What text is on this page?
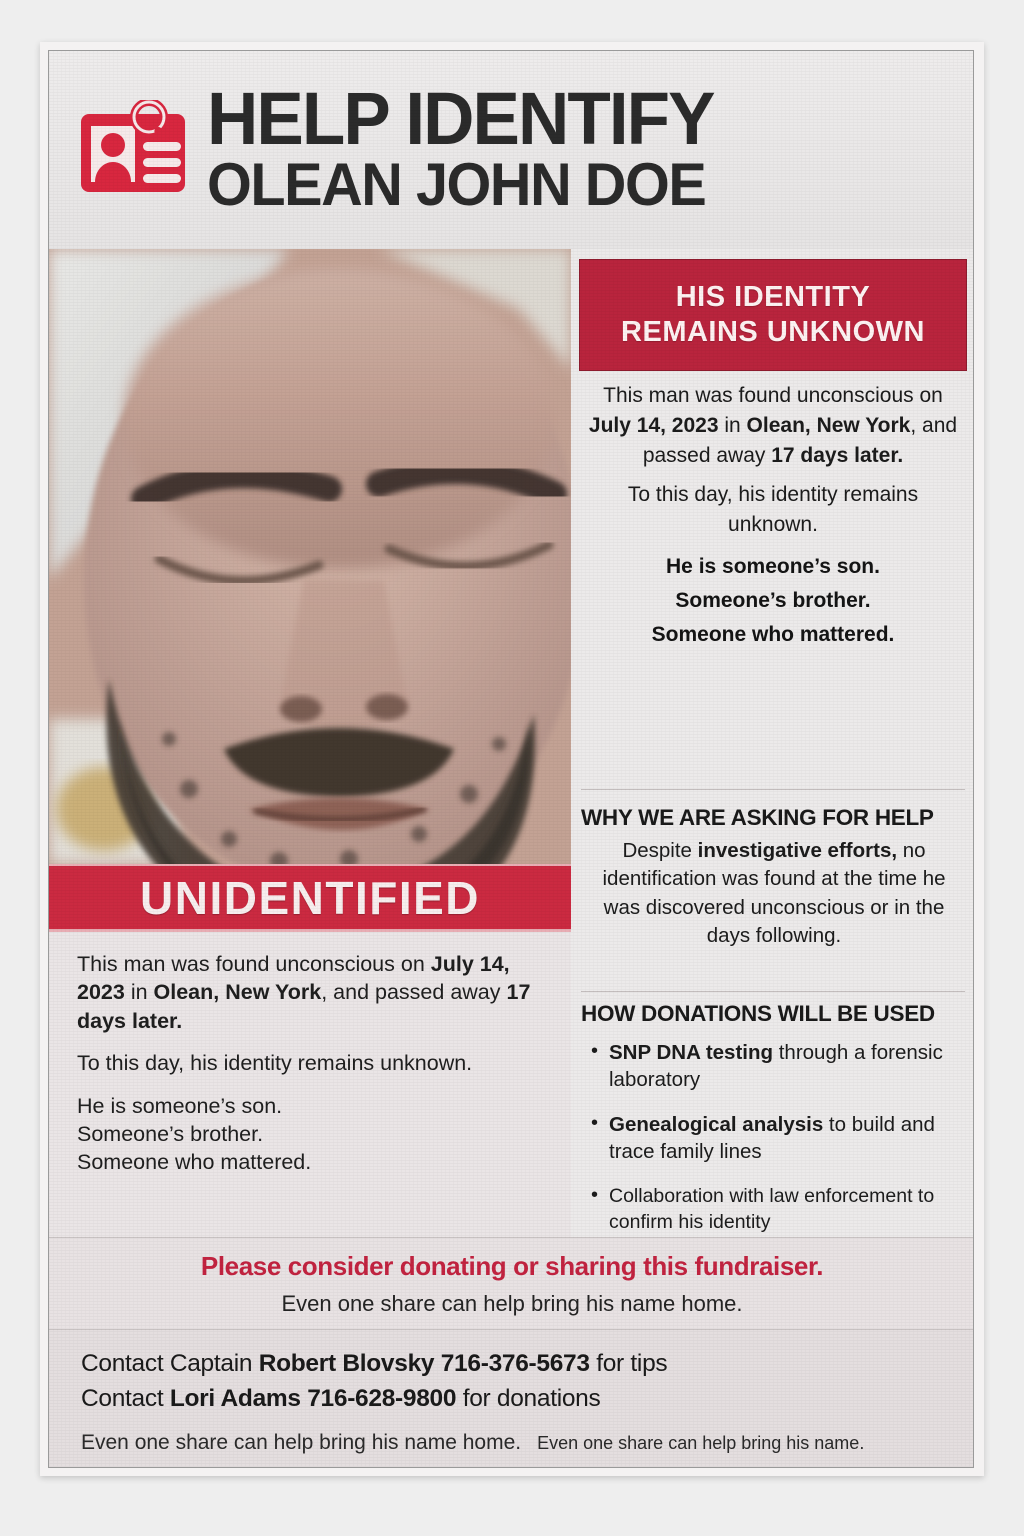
HELP IDENTIFY
OLEAN JOHN DOE
UNIDENTIFIED

This man was found unconscious on July 14, 2023 in Olean, New York, and passed away 17 days later.

To this day, his identity remains unknown.

He is someone’s son.
Someone’s brother.
Someone who mattered.

HIS IDENTITY
REMAINS UNKNOWN

This man was found unconscious on July 14, 2023 in Olean, New York, and passed away 17 days later.

To this day, his identity remains unknown.

He is someone’s son.

Someone’s brother.

Someone who mattered.

WHY WE ARE ASKING FOR HELP
Despite investigative efforts, no identification was found at the time he was discovered unconscious or in the days following.
HOW DONATIONS WILL BE USED
• SNP DNA testing through a forensic laboratory
• Genealogical analysis to build and trace family lines
• Collaboration with law enforcement to confirm his identity
Please consider donating or sharing this fundraiser.
Even one share can help bring his name home.
Contact Captain Robert Blovsky 716-376-5673 for tips
Contact Lori Adams 716-628-9800 for donations
Even one share can help bring his name home. Even one share can help bring his name.
